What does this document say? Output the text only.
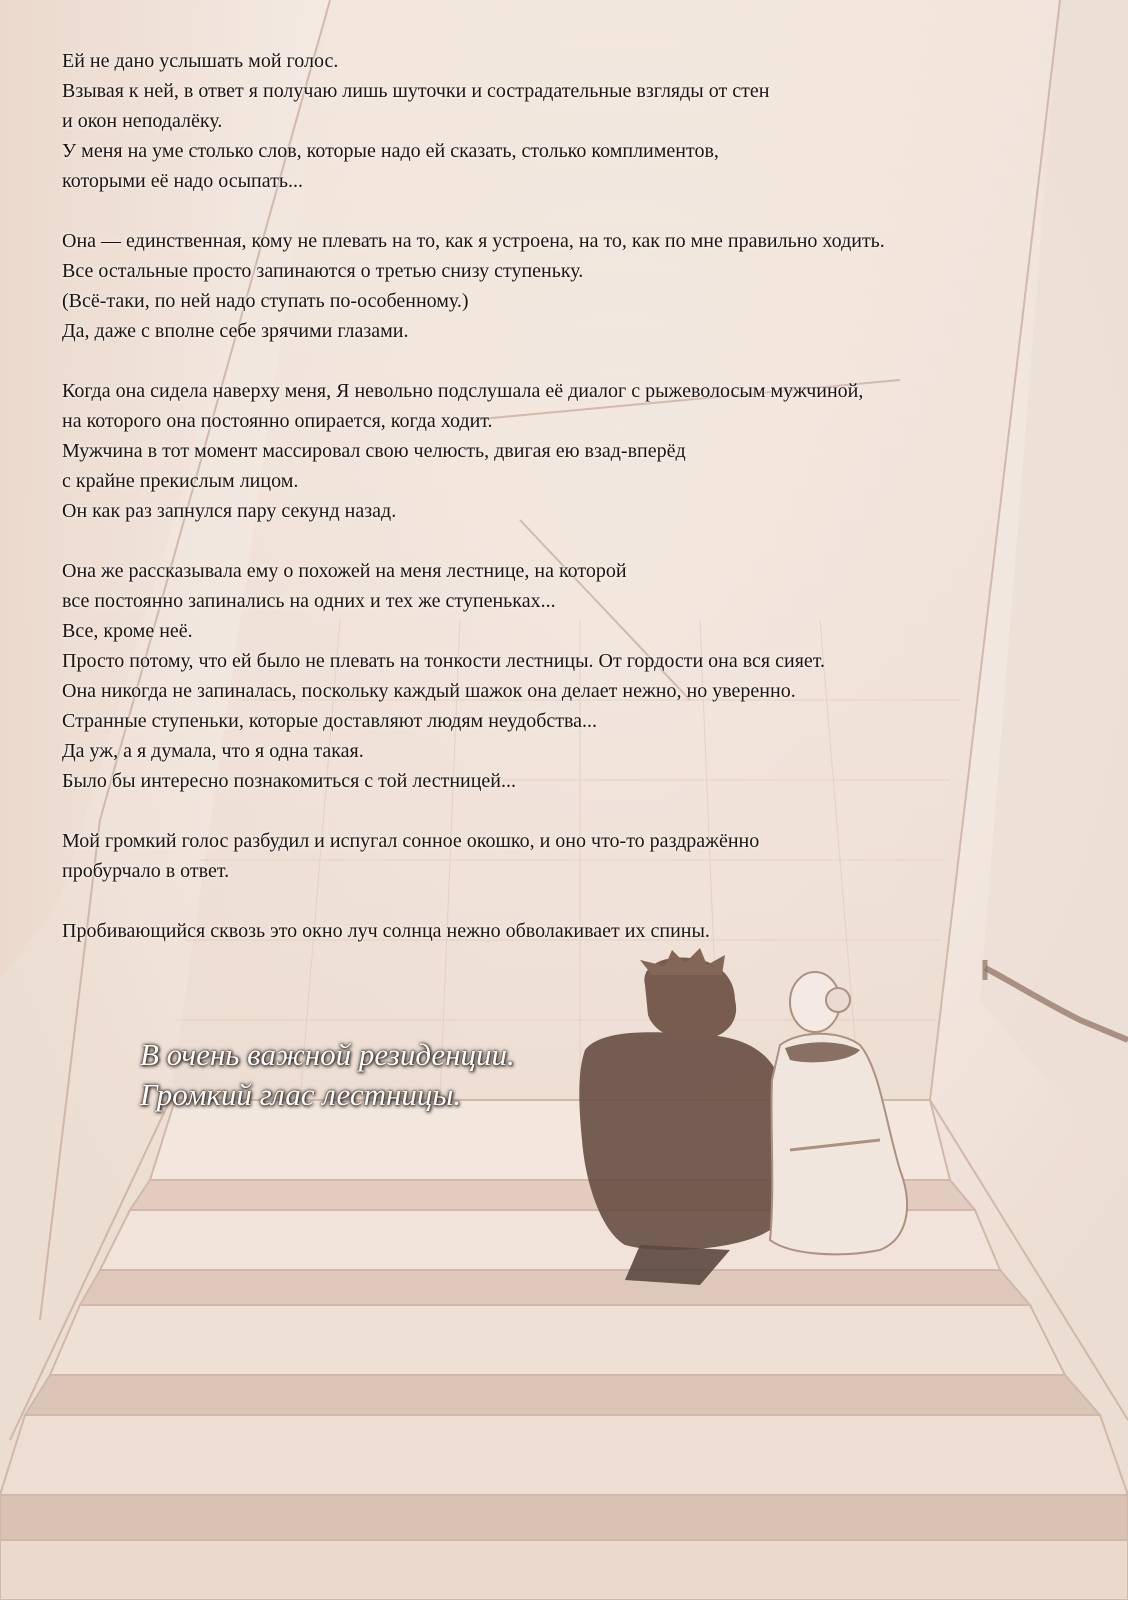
Ей не дано услышать мой голос.
Взывая к ней, в ответ я получаю лишь шуточки и сострадательные взгляды от стен
и окон неподалёку.
У меня на уме столько слов, которые надо ей сказать, столько комплиментов,
которыми её надо осыпать...

Она — единственная, кому не плевать на то, как я устроена, на то, как по мне правильно ходить.
Все остальные просто запинаются о третью снизу ступеньку.
(Всё-таки, по ней надо ступать по-особенному.)
Да, даже с вполне себе зрячими глазами.

Когда она сидела наверху меня, Я невольно подслушала её диалог с рыжеволосым мужчиной,
на которого она постоянно опирается, когда ходит.
Мужчина в тот момент массировал свою челюсть, двигая ею взад-вперёд
с крайне прекислым лицом.
Он как раз запнулся пару секунд назад.

Она же рассказывала ему о похожей на меня лестнице, на которой
все постоянно запинались на одних и тех же ступеньках...
Все, кроме неё.
Просто потому, что ей было не плевать на тонкости лестницы. От гордости она вся сияет.
Она никогда не запиналась, поскольку каждый шажок она делает нежно, но уверенно.
Странные ступеньки, которые доставляют людям неудобства...
Да уж, а я думала, что я одна такая.
Было бы интересно познакомиться с той лестницей...

Мой громкий голос разбудил и испугал сонное окошко, и оно что-то раздражённо
пробурчало в ответ.

Пробивающийся сквозь это окно луч солнца нежно обволакивает их спины.

В очень важной резиденции.
Громкий глас лестницы.
